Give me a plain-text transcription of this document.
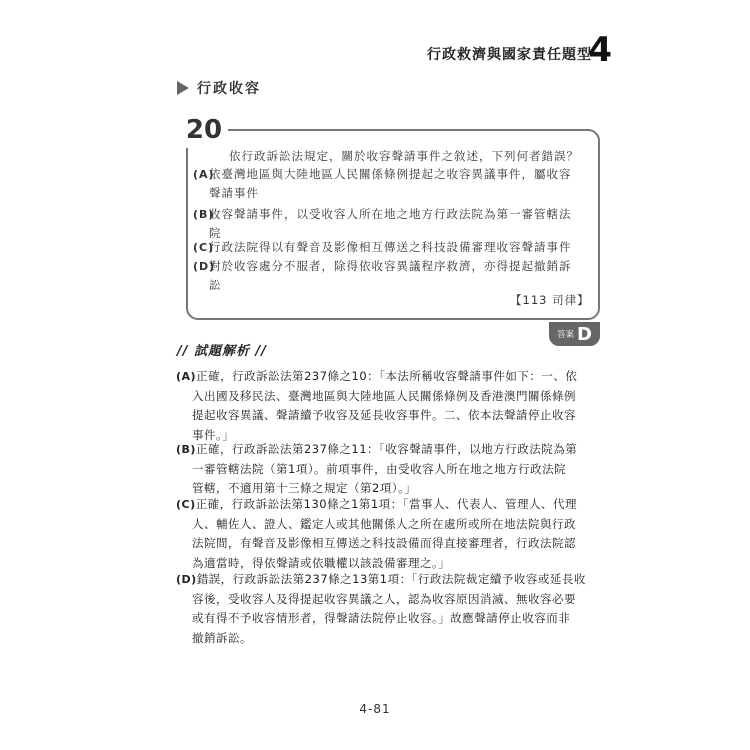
行政救濟與國家責任題型
4
行政收容
20
依行政訴訟法規定，關於收容聲請事件之敘述，下列何者錯誤？
(A)
依臺灣地區與大陸地區人民關係條例提起之收容異議事件，屬收容
聲請事件
(B)
收容聲請事件，以受收容人所在地之地方行政法院為第一審管轄法
院
(C)
行政法院得以有聲音及影像相互傳送之科技設備審理收容聲請事件
(D)
對於收容處分不服者，除得依收容異議程序救濟，亦得提起撤銷訴
訟
【113 司律】
答案 D
// 試題解析 //
(A)正確，行政訴訟法第237條之10：「本法所稱收容聲請事件如下：一、依
入出國及移民法、臺灣地區與大陸地區人民關係條例及香港澳門關係條例
提起收容異議、聲請續予收容及延長收容事件。二、依本法聲請停止收容
事件。」
(B)正確，行政訴訟法第237條之11：「收容聲請事件，以地方行政法院為第
一審管轄法院（第1項）。前項事件，由受收容人所在地之地方行政法院
管轄，不適用第十三條之規定（第2項）。」
(C)正確，行政訴訟法第130條之1第1項：「當事人、代表人、管理人、代理
人、輔佐人、證人、鑑定人或其他關係人之所在處所或所在地法院與行政
法院間，有聲音及影像相互傳送之科技設備而得直接審理者，行政法院認
為適當時，得依聲請或依職權以該設備審理之。」
(D)錯誤，行政訴訟法第237條之13第1項：「行政法院裁定續予收容或延長收
容後，受收容人及得提起收容異議之人，認為收容原因消滅、無收容必要
或有得不予收容情形者，得聲請法院停止收容。」故應聲請停止收容而非
撤銷訴訟。
4-81
